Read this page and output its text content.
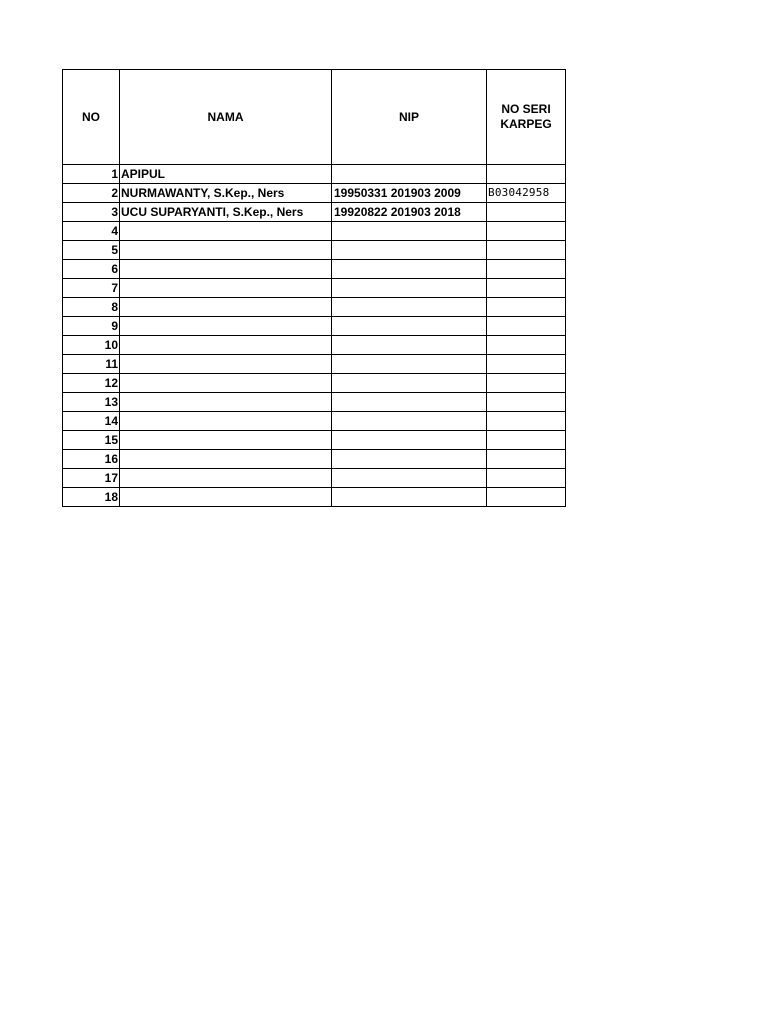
NO	NAMA	NIP	NO SERI KARPEG
1	APIPUL		
2	NURMAWANTY, S.Kep., Ners	19950331 201903 2009	B03042958
3	UCU SUPARYANTI, S.Kep., Ners	19920822 201903 2018	
4			
5			
6			
7			
8			
9			
10			
11			
12			
13			
14			
15			
16			
17			
18			
